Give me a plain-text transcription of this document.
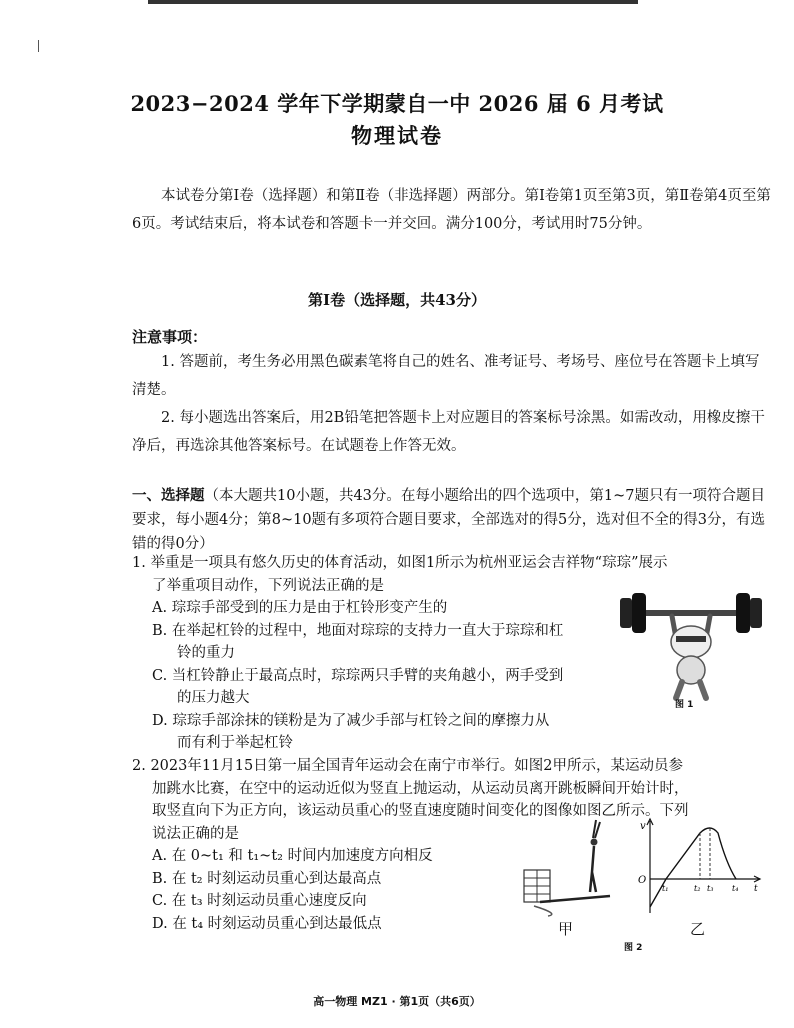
2023−2024 学年下学期蒙自一中 2026 届 6 月考试
物理试卷
本试卷分第Ⅰ卷（选择题）和第Ⅱ卷（非选择题）两部分。第Ⅰ卷第1页至第3页，第Ⅱ卷第4页至第6页。考试结束后，将本试卷和答题卡一并交回。满分100分，考试用时75分钟。
第Ⅰ卷（选择题，共43分）
注意事项：
1. 答题前，考生务必用黑色碳素笔将自己的姓名、准考证号、考场号、座位号在答题卡上填写清楚。
2. 每小题选出答案后，用2B铅笔把答题卡上对应题目的答案标号涂黑。如需改动，用橡皮擦干净后，再选涂其他答案标号。在试题卷上作答无效。
一、选择题（本大题共10小题，共43分。在每小题给出的四个选项中，第1~7题只有一项符合题目要求，每小题4分；第8~10题有多项符合题目要求，全部选对的得5分，选对但不全的得3分，有选错的得0分）
1. 举重是一项具有悠久历史的体育活动，如图1所示为杭州亚运会吉祥物“琮琮”展示
了举重项目动作，下列说法正确的是
A. 琮琮手部受到的压力是由于杠铃形变产生的
B. 在举起杠铃的过程中，地面对琮琮的支持力一直大于琮琮和杠
铃的重力
C. 当杠铃静止于最高点时，琮琮两只手臂的夹角越小，两手受到
的压力越大
D. 琮琮手部涂抹的镁粉是为了减少手部与杠铃之间的摩擦力从
而有利于举起杠铃
图 1
2. 2023年11月15日第一届全国青年运动会在南宁市举行。如图2甲所示，某运动员参
加跳水比赛，在空中的运动近似为竖直上抛运动，从运动员离开跳板瞬间开始计时，
取竖直向下为正方向，该运动员重心的竖直速度随时间变化的图像如图乙所示。下列
说法正确的是
A. 在 0~t₁ 和 t₁~t₂ 时间内加速度方向相反
B. 在 t₂ 时刻运动员重心到达最高点
C. 在 t₃ 时刻运动员重心速度反向
D. 在 t₄ 时刻运动员重心到达最低点	甲
v
O
t
t₁	t₂ t₃ t₄
乙
图 2
高一物理 MZ1 · 第1页（共6页）
